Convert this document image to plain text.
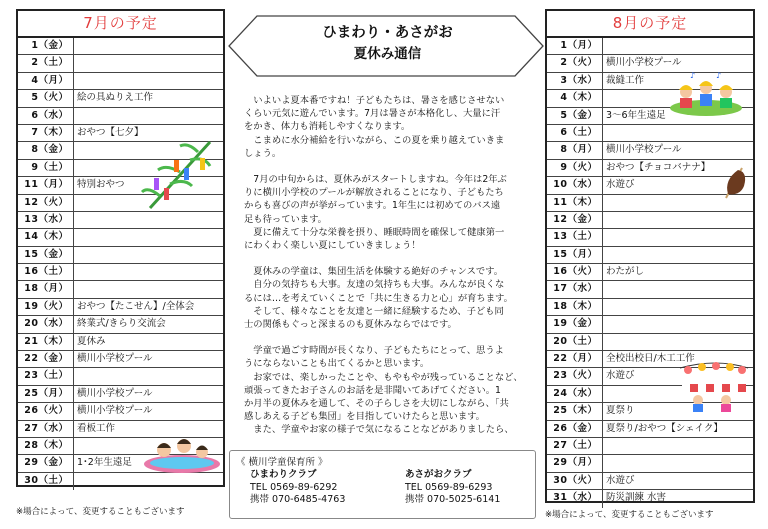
7月の予定
1（金）
2（土）
4（月）
5（火） 絵の具ぬりえ工作
6（水）
7（木） おやつ【七夕】
8（金）
9（土）
11（月） 特別おやつ
12（火）
13（水）
14（木）
15（金）
16（土）
18（月）
19（火） おやつ【たこせん】/全体会
20（水） 終業式/きらり交流会
21（木） 夏休み
22（金） 横川小学校プール
23（土）
25（月） 横川小学校プール
26（火） 横川小学校プール
27（水） 看板工作
28（木）
29（金） 1･2年生遠足
30（土）
※場合によって、変更することもございます
8月の予定
1（月）
2（火） 横川小学校プール
3（水） 裁縫工作
4（木）
5（金） 3～6年生遠足
6（土）
8（月） 横川小学校プール
9（火） おやつ【チョコバナナ】
10（水） 水遊び
11（木）
12（金）
13（土）
15（月）
16（火） わたがし
17（水）
18（木）
19（金）
20（土）
22（月） 全校出校日/木工工作
23（火） 水遊び
24（水）
25（木） 夏祭り
26（金） 夏祭り/おやつ【シェイク】
27（土）
29（月）
30（火） 水遊び
31（水） 防災訓練 水害
※場合によって、変更することもございます
ひまわり・あさがお
夏休み通信

　いよいよ夏本番ですね！子どもたちは、暑さを感じさせない
くらい元気に遊んでいます。7月は暑さが本格化し、大量に汗
をかき、体力も消耗しやすくなります。
　こまめに水分補給を行いながら、この夏を乗り越えていきま
しょう。

　7月の中旬からは、夏休みがスタートしますね。今年は2年ぶ
りに横川小学校のプールが解放されることになり、子どもたち
からも喜びの声が挙がっています。1年生には初めてのバス遠
足も待っています。
　夏に備えて十分な栄養を摂り、睡眠時間を確保して健康第一
にわくわく楽しい夏にしていきましょう！

　夏休みの学童は、集団生活を体験する絶好のチャンスです。
　自分の気持ちも大事。友達の気持ちも大事。みんなが良くな
るには…を考えていくことで「共に生きる力と心」が育ちます。
　そして、様々なことを友達と一緒に経験するため、子ども同
士の関係もぐっと深まるのも夏休みならではです。

　学童で過ごす時間が長くなり、子どもたちにとって、思うよ
うにならないことも出てくるかと思います。
　お家では、楽しかったことや、もやもやが残っていることなど、
頑張ってきたお子さんのお話を是非聞いてあげてください。1
か月半の夏休みを通して、その子らしさを大切にしながら、「共
感しあえる子ども集団」を目指していけたらと思います。
　また、学童やお家の様子で気になることなどがありましたら、

《 横川学童保育所 》
ひまわりクラブ
TEL 0569-89-6292
携帯 070-6485-4763
あさがおクラブ
TEL 0569-89-6293
携帯 070-5025-6141
♪	♪
